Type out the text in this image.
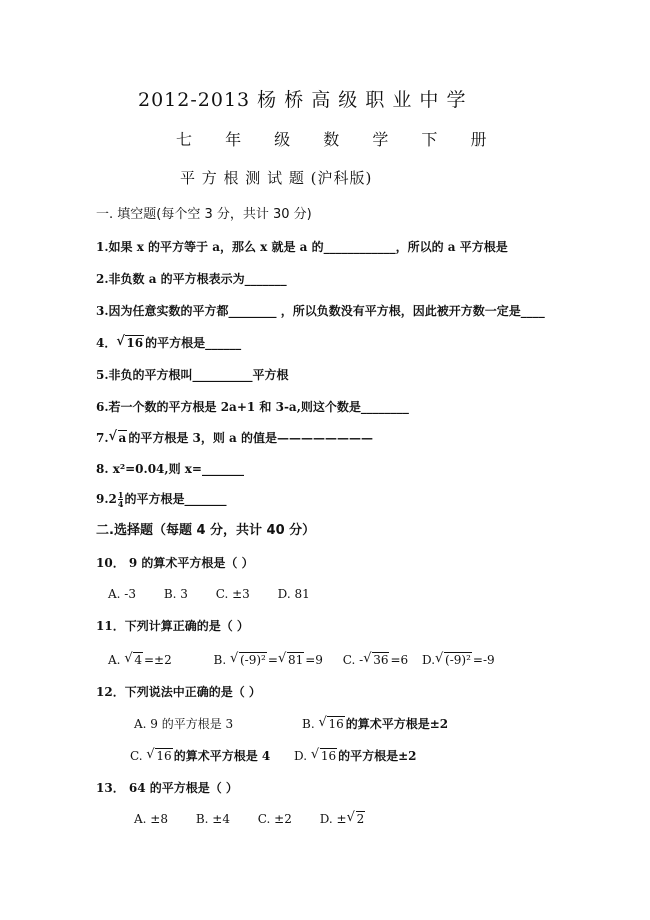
2012-2013 杨 桥 高 级 职 业 中 学
七 年 级 数 学 下 册
平 方 根 测 试 题 (沪科版)
一. 填空题(每个空 3 分，共计 30 分)
1.如果 x 的平方等于 a，那么 x 就是 a 的____________，所以的 a 平方根是
2.非负数 a 的平方根表示为_______
3.因为任意实数的平方都________ ，所以负数没有平方根，因此被开方数一定是____
4． √ 16 的平方根是______
5.非负的平方根叫__________平方根
6.若一个数的平方根是 2a+1 和 3-a,则这个数是________
7. √ a 的平方根是 3，则 a 的值是————————
8. x²=0.04,则 x=_______
$9.2 \frac{1}{4}$ 的平方根是_______
二.选择题（每题 4 分，共计 40 分）
10． 9 的算术平方根是（ ）
A. -3 B. 3 C. ±3 D. 81
11．下列计算正确的是（ ）
A. √ 4 =±2	B. √ (-9)² = √ 81 =9 C. - √ 36 =6 D. √ (-9)² =-9
12．下列说法中正确的是（ ）
A. 9 的平方根是 3	B. √ 16 的算术平方根是±2
C. √ 16 的算术平方根是 4 D. √ 16 的平方根是±2
13． 64 的平方根是（ ）
A. ±8 B. ±4 C. ±2 D. ± √ 2
